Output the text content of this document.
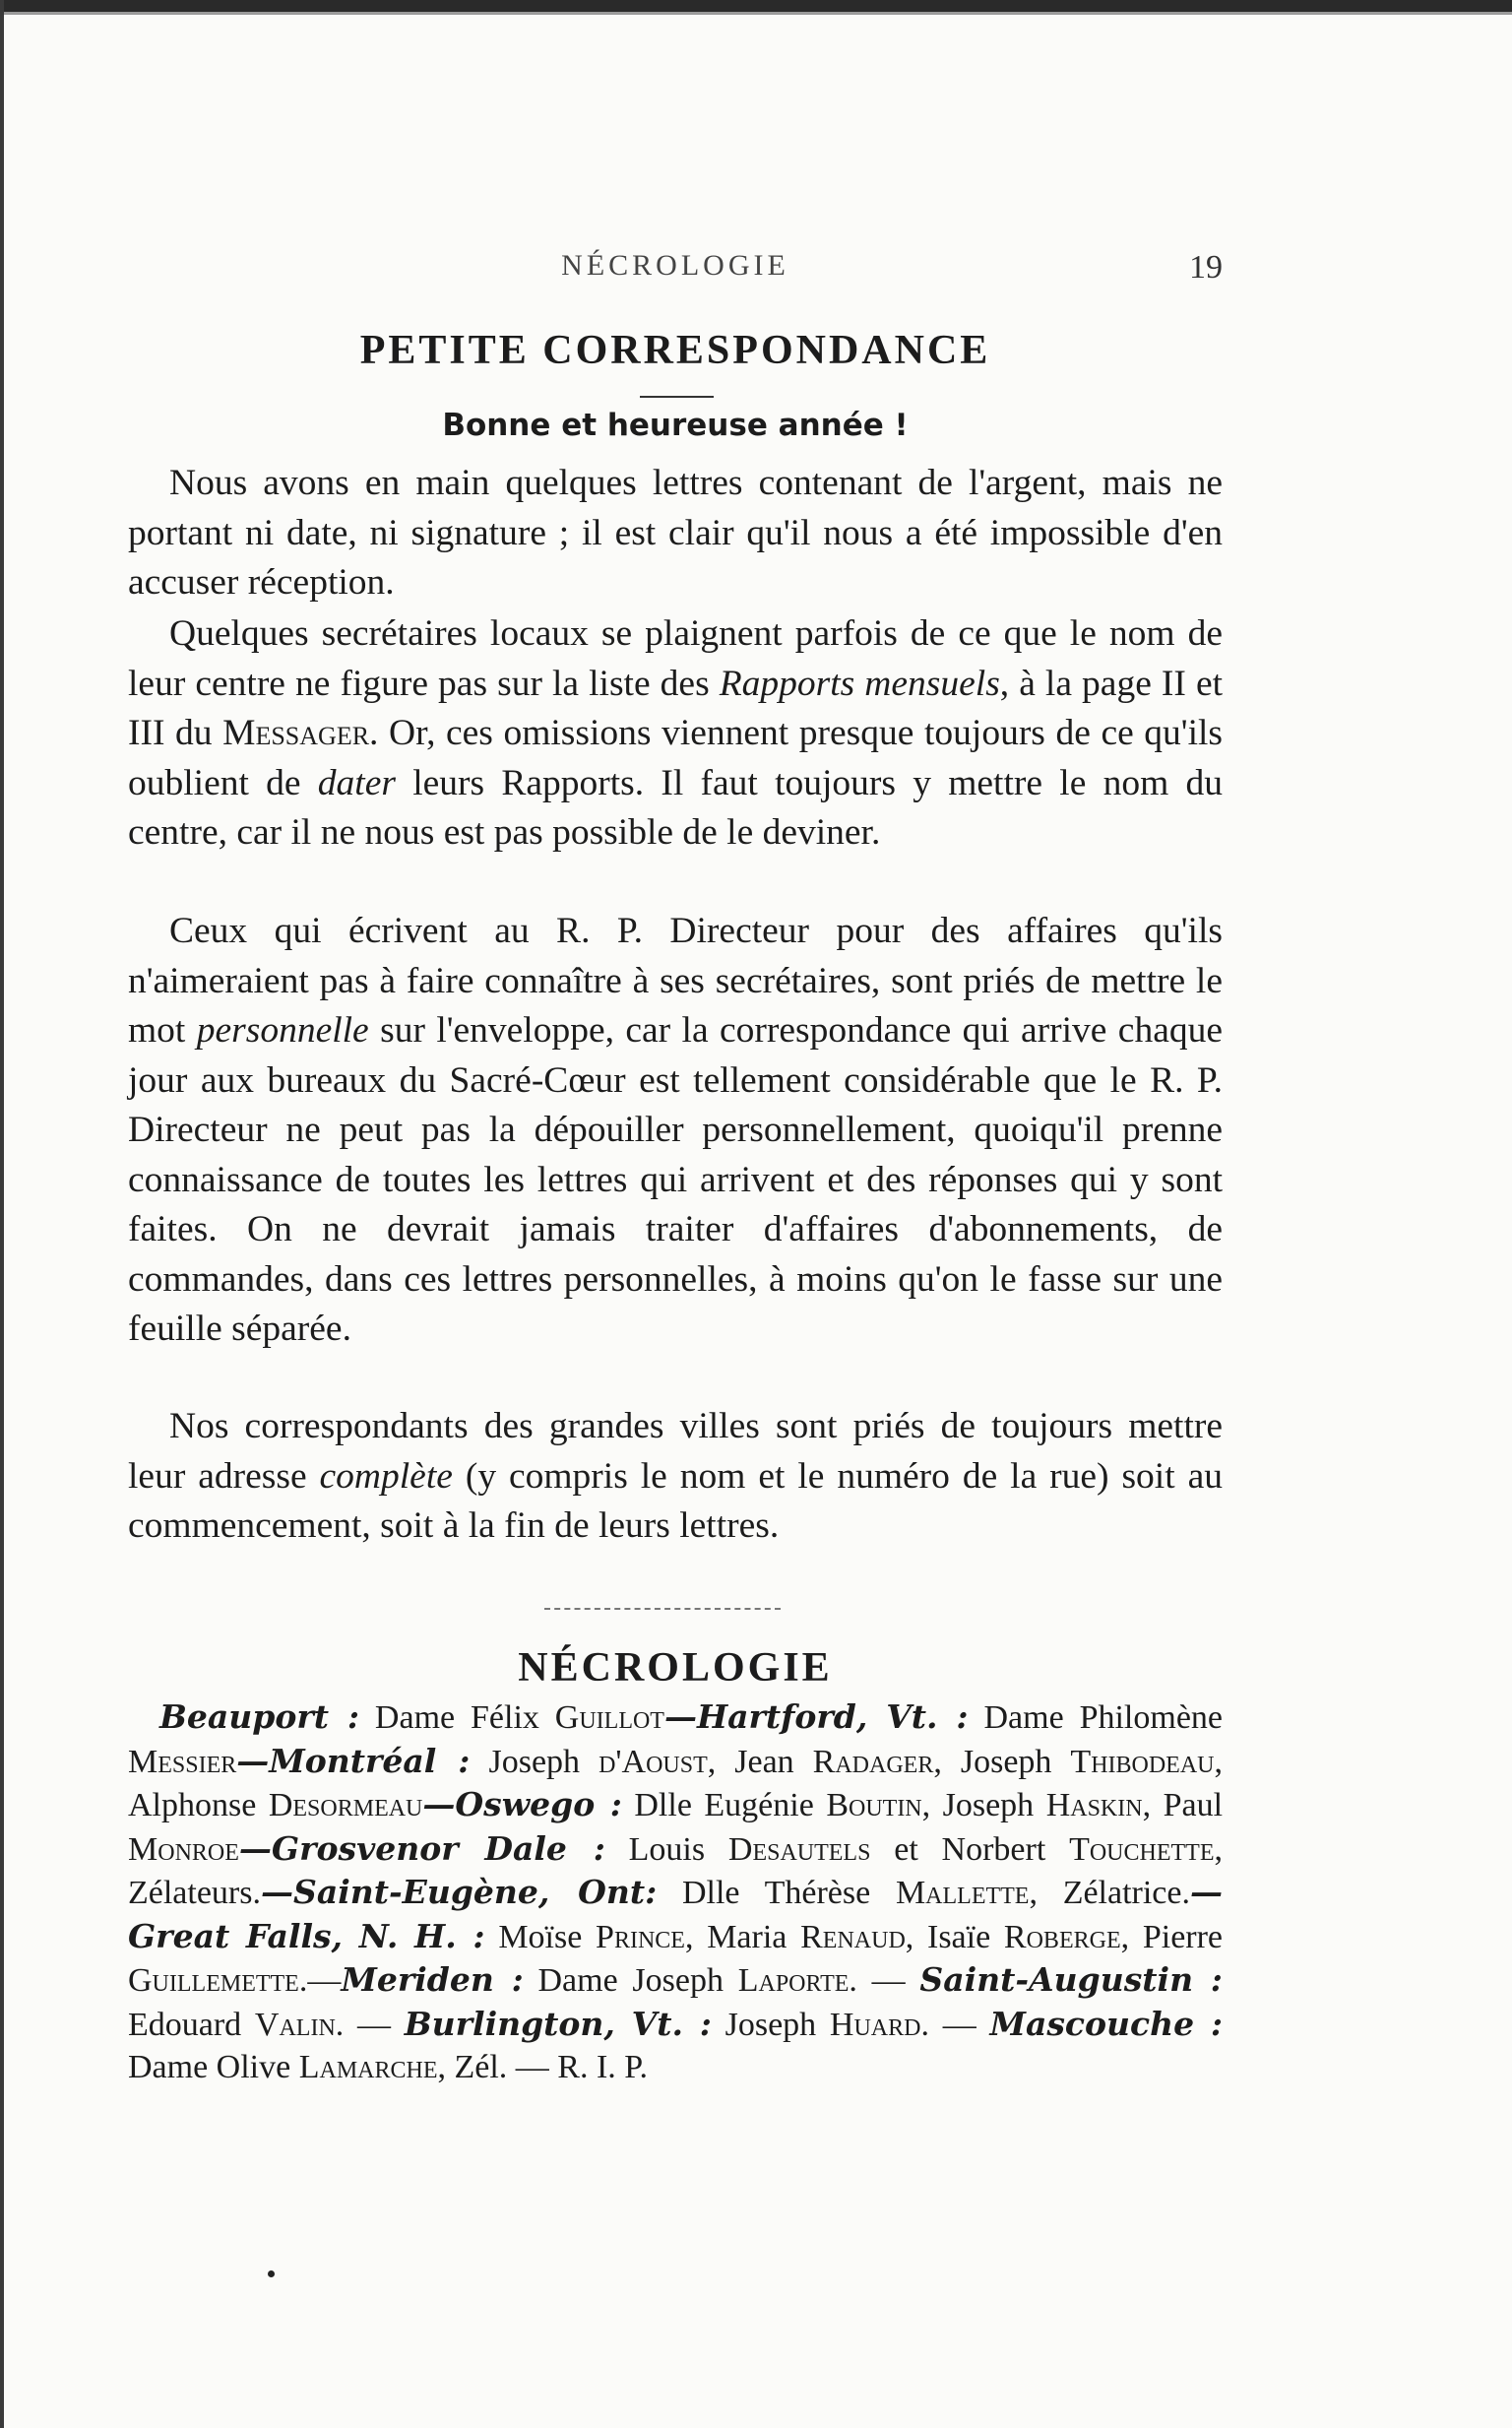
NÉCROLOGIE	19
PETITE CORRESPONDANCE
Bonne et heureuse année !

Nous avons en main quelques lettres contenant de l'argent, mais ne portant ni date, ni signature ; il est clair qu'il nous a été impossible d'en accuser réception.

Quelques secrétaires locaux se plaignent parfois de ce que le nom de leur centre ne figure pas sur la liste des Rapports mensuels, à la page II et III du Messager. Or, ces omissions viennent presque toujours de ce qu'ils oublient de dater leurs Rapports. Il faut toujours y mettre le nom du centre, car il ne nous est pas possible de le deviner.

Ceux qui écrivent au R. P. Directeur pour des affaires qu'ils n'aimeraient pas à faire connaître à ses secrétaires, sont priés de mettre le mot personnelle sur l'enveloppe, car la correspondance qui arrive chaque jour aux bureaux du Sacré-Cœur est tellement considérable que le R. P. Directeur ne peut pas la dépouiller personnellement, quoiqu'il prenne connaissance de toutes les lettres qui arrivent et des réponses qui y sont faites. On ne devrait jamais traiter d'affaires d'abonnements, de commandes, dans ces lettres personnelles, à moins qu'on le fasse sur une feuille séparée.

Nos correspondants des grandes villes sont priés de toujours mettre leur adresse complète (y compris le nom et le numéro de la rue) soit au commencement, soit à la fin de leurs lettres.

NÉCROLOGIE

Beauport : Dame Félix Guillot—Hartford, Vt. : Dame Philomène Messier—Montréal : Joseph d'Aoust, Jean Radager, Joseph Thibodeau, Alphonse Desormeau—Oswego : Dlle Eugénie Boutin, Joseph Haskin, Paul Monroe—Grosvenor Dale : Louis Desautels et Norbert Touchette, Zélateurs.—Saint-Eugène, Ont: Dlle Thérèse Mallette, Zélatrice.—Great Falls, N. H. : Moïse Prince, Maria Renaud, Isaïe Roberge, Pierre Guillemette.—Meriden : Dame Joseph Laporte. — Saint-Augustin : Edouard Valin. — Burlington, Vt. : Joseph Huard. — Mascouche : Dame Olive Lamarche, Zél. — R. I. P.
